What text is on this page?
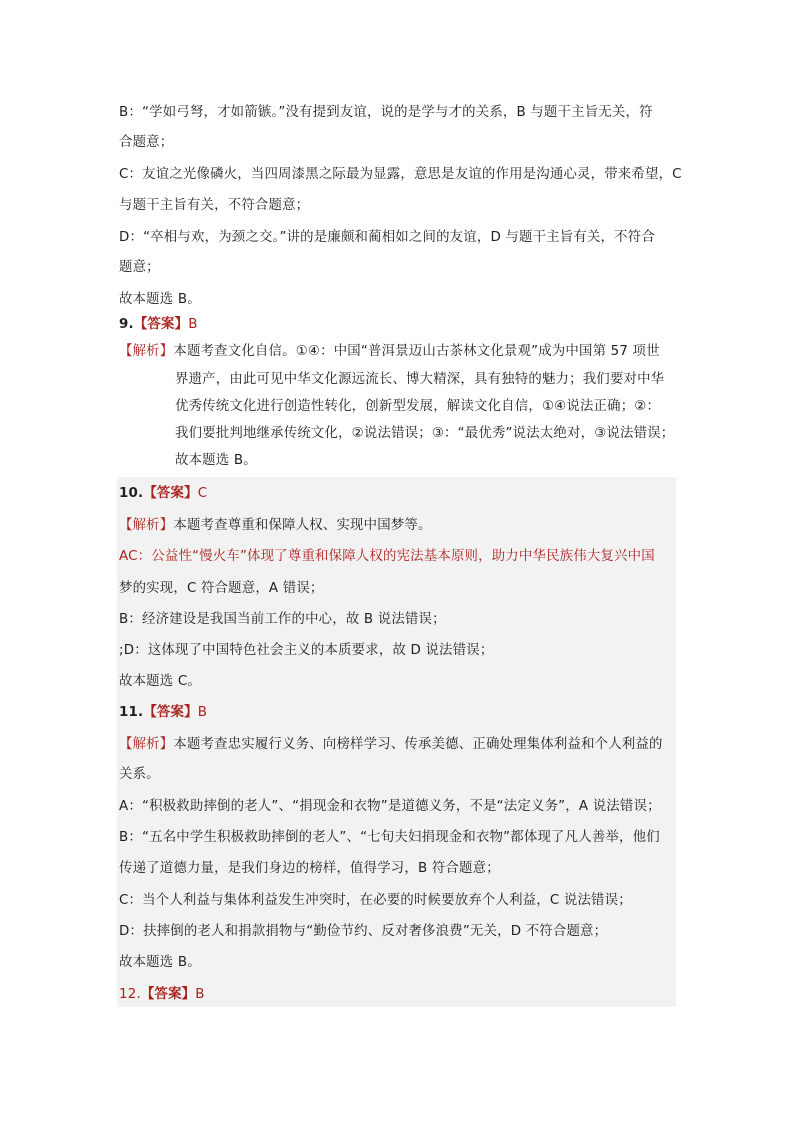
B：“学如弓弩，才如箭镞。”没有提到友谊，说的是学与才的关系，B 与题干主旨无关，符
合题意；
C：友谊之光像磷火，当四周漆黑之际最为显露，意思是友谊的作用是沟通心灵，带来希望，C
与题干主旨有关，不符合题意；
D：“卒相与欢，为颈之交。”讲的是廉颇和蔺相如之间的友谊，D 与题干主旨有关，不符合
题意；
故本题选 B。
9.【答案】B
【解析】本题考查文化自信。①④：中国“普洱景迈山古茶林文化景观”成为中国第 57 项世
界遗产，由此可见中华文化源远流长、博大精深，具有独特的魅力；我们要对中华
优秀传统文化进行创造性转化，创新型发展，解读文化自信，①④说法正确；②：
我们要批判地继承传统文化，②说法错误；③：“最优秀”说法太绝对，③说法错误；
故本题选 B。
10.【答案】C
【解析】本题考查尊重和保障人权、实现中国梦等。
AC：公益性“慢火车”体现了尊重和保障人权的宪法基本原则，助力中华民族伟大复兴中国
梦的实现，C 符合题意，A 错误；
B：经济建设是我国当前工作的中心，故 B 说法错误；
;D：这体现了中国特色社会主义的本质要求，故 D 说法错误；
故本题选 C。
11.【答案】B
【解析】本题考查忠实履行义务、向榜样学习、传承美德、正确处理集体利益和个人利益的
关系。
A：“积极救助摔倒的老人”、“捐现金和衣物”是道德义务，不是“法定义务”，A 说法错误；
B：“五名中学生积极救助摔倒的老人”、“七旬夫妇捐现金和衣物”都体现了凡人善举，他们
传递了道德力量，是我们身边的榜样，值得学习，B 符合题意；
C：当个人利益与集体利益发生冲突时，在必要的时候要放弃个人利益，C 说法错误；
D：扶摔倒的老人和捐款捐物与“勤俭节约、反对奢侈浪费”无关，D 不符合题意；
故本题选 B。
12.【答案】B
